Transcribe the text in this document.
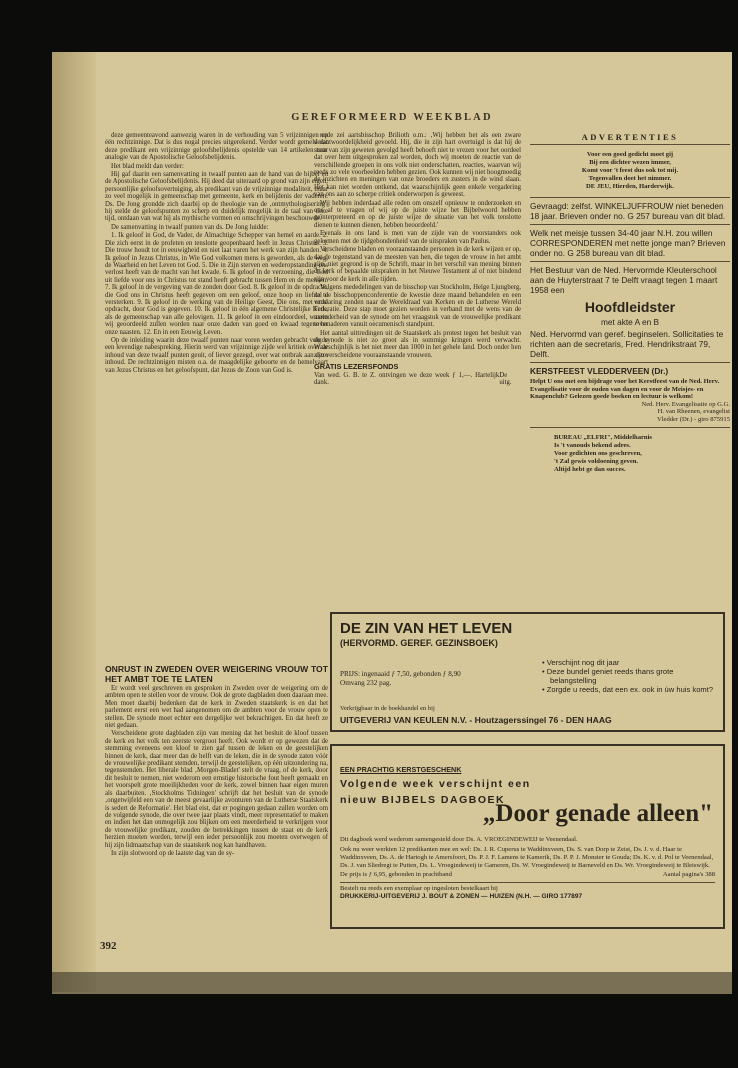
GEREFORMEERD WEEKBLAD

deze gemeenteavond aanwezig waren in de verhouding van 5 vrijzinnigen op één rechtzinnige. Dat is dus nogal precies uitgerekend. Verder wordt gemeld dat deze predikant een vrijzinnige geloofsbelijdenis opstelde van 14 artikelen naar analogie van de Apostolische Geloofsbelijdenis.

Het blad meldt dan verder:

Hij gaf daarin een samenvatting in twaalf punten aan de hand van de bijbel en de Apostolische Geloofsbelijdenis. Hij deed dat uiteraard op grond van zijn eigen, persoonlijke geloofsovertuiging, als predikant van de vrijzinnige modaliteit, maar zo veel mogelijk in gemeenschap met gemeente, kerk en belijdenis der vaderen. Ds. De Jong grondde zich daarbij op de theologie van de ‚ontmythologisering'; hij stelde de geloofspunten zo scherp en duidelijk mogelijk in de taal van deze tijd, ontdaan van wat hij als mythische vormen en omschrijvingen beschouwde.

De samenvatting in twaalf punten van ds. De Jong luidde:

1. Ik geloof in God, de Vader, de Almachtige Schepper van hemel en aarde. 2. Die zich eerst in de profeten en tenslotte geopenbaard heeft in Jezus Christus. 3. Die trouw houdt tot in eeuwigheid en niet laat varen het werk van zijn handen. 4. Ik geloof in Jezus Christus, in Wie God volkomen mens is geworden, als de weg, de Waarheid en het Leven tot God. 5. Die in Zijn sterven en wederopstanding ons verlost heeft van de macht van het kwade. 6. Ik geloof in de verzoening, die God uit liefde voor ons in Christus tot stand heeft gebracht tussen Hem en de mensen. 7. Ik geloof in de vergeving van de zonden door God. 8. Ik geloof in de opdracht, die God ons in Christus heeft gegeven om een geloof, onze hoop en liefde te versterken. 9. Ik geloof in de werking van de Heilige Geest, Die ons, met onze opdracht, door God is gegeven. 10. Ik geloof in één algemene Christelijke Kerk, als de gemeenschap van alle gelovigen. 11. Ik geloof in een eindoordeel, waarin wij geoordeeld zullen worden naar onze daden van goed en kwaad tegenover onze naasten. 12. En in een Eeuwig Leven.

Op de inleiding waarin deze twaalf punten naar voren werden gebracht volgde een levendige nabespreking. Hierin werd van vrijzinnige zijde wel kritiek over de inhoud van deze twaalf punten geuit, of liever gezegd, over wat ontbrak aan deze inhoud. De rechtzinnigen misten o.a. de maagdelijke geboorte en de hemelvaart van Jezus Christus en het geloofspunt, dat Jezus de Zoon van God is.

ONRUST IN ZWEDEN OVER WEIGERING VROUW TOT HET AMBT TOE TE LATEN

Er wordt veel geschreven en gesproken in Zweden over de weigering om de ambten open te stellen voor de vrouw. Ook de grote dagbladen doen daaraan mee. Men moet daarbij bedenken dat de kerk in Zweden staatskerk is en dat het parlement eerst een wet had aangenomen om de ambten voor de vrouw open te stellen. De synode moet echter een dergelijke wet bekrachtigen. En dat heeft ze niet gedaan.

Verscheidene grote dagbladen zijn van mening dat het besluit de kloof tussen de kerk en het volk ten zeerste vergroot heeft. Ook wordt er op gewezen dat de stemming eveneens een kloof te zien gaf tussen de leken en de geestelijken binnen de kerk, daar meer dan de helft van de leken, die in de synode zaten vóór de vrouwelijke predikant stemden, terwijl de geestelijken, op één uitzondering na, tegenstemden. Het liberale blad ‚Morgen-Bladet' stelt de vraag, of de kerk, door dit besluit te nemen, niet wederom een ernstige historische fout heeft gemaakt en het voorspelt grote moeilijkheden voor de kerk, zowel binnen haar eigen muren als daarbuiten. ‚Stockholms Tidningen' schrijft dat het besluit van de synode ‚ongetwijfeld een van de meest gevaarlijke avonturen van de Lutherse Staatskerk is sedert de Reformatie'. Het blad eist, dat er pogingen gedaan zullen worden om de volgende synode, die over twee jaar plaats vindt, meer representatief te maken en indien het dan onmogelijk zou blijken om een meerderheid te verkrijgen voor de vrouwelijke predikant, zouden de betrekkingen tussen de staat en de kerk herzien moeten worden, terwijl een ieder persoonlijk zou moeten overwegen of hij zijn lidmaatschap van de staatskerk nog kan handhaven.

In zijn slotwoord op de laatste dag van de sy-

node zei aartsbisschop Brilioth o.m.: ‚Wij hebben het als een zware verantwoordelijkheid gevoeld. Hij, die in zijn hart overtuigd is dat hij de stem van zijn geweten gevolgd heeft behoeft niet te vrezen voor het oordeel dat over hem uitgesproken zal worden, doch wij moeten de reactie van de verschillende groepen in ons volk niet onderschatten, reacties, waarvan wij reeds zo vele voorbeelden hebben gezien. Ook kunnen wij niet hoogmoedig de inzichten en meningen van onze broeders en zusters in de wind slaan. Het kan niet worden ontkend, dat waarschijnlijk geen enkele vergadering van ons aan zo scherpe critiek onderworpen is geweest.

Wij hebben inderdaad alle reden om onszelf opnieuw te onderzoeken en ons af te vragen of wij op de juiste wijze het Bijbelwoord hebben geïnterpreteerd en op de juiste wijze de situatie van het volk tenslotte dienen te kunnen dienen, hebben beoordeeld.'

Evenals in ons land is men van de zijde van de voorstanders ook gekomen met de tijdgebondenheid van de uitspraken van Paulus.

Verscheidene bladen en vooraanstaande personen in de kerk wijzen er op, dat de tegenstand van de meesten van hen, die tegen de vrouw in het ambt zijn, niet gegrond is op de Schrift, maar in het verschil van mening binnen de kerk of bepaalde uitspraken in het Nieuwe Testament al of niet bindend zijn voor de kerk in alle tijden.

Volgens mededelingen van de bisschop van Stockholm, Helge Ljungberg, zal de bisschoppenconferentie de kwestie deze maand behandelen en een verklaring zenden naar de Wereldraad van Kerken en de Lutherse Wereld Federatie. Deze stap moet gezien worden in verband met de wens van de meerderheid van de synode om het vraagstuk van de vrouwelijke predikant te benaderen vanuit oecumenisch standpunt.

Het aantal uittredingen uit de Staatskerk als protest tegen het besluit van de synode is niet zo groot als in sommige kringen werd verwacht. Waarschijnlijk is het niet meer dan 1000 in het gehele land. Doch onder hen zijn verscheidene vooraanstaande vrouwen.

GRATIS LEZERSFONDS
Van wed. G. B. te Z. ontvingen we deze week ƒ 1,—. Hartelijk dank.
De uitg.
ADVERTENTIES
Voor een goed gedicht moet gij
Bij een dichter wezen immer,
Komt voor 't feest dus ook tot mij.
Tegenvallen doet het nimmer.
DE JEU, Hierden, Harderwijk.
Gevraagd: zelfst. WINKELJUFFROUW niet beneden 18 jaar. Brieven onder no. G 257 bureau van dit blad.
Welk net meisje tussen 34-40 jaar N.H. zou willen CORRESPONDEREN met nette jonge man? Brieven onder no. G 258 bureau van dit blad.
Het Bestuur van de Ned. Hervormde Kleuterschool aan de Huyterstraat 7 te Delft vraagt tegen 1 maart 1958 een
Hoofdleidster
met akte A en B
Ned. Hervormd van geref. beginselen. Sollicitaties te richten aan de secretaris, Fred. Hendrikstraat 79, Delft.
KERSTFEEST VLEDDERVEEN (Dr.)
Helpt U ons met een bijdrage voor het Kerstfeest van de Ned. Herv. Evangelisatie voor de ouden van dagen en voor de Meisjes- en Knapenclub? Gelezen goede boeken en lectuur is welkom!
Ned. Herv. Evangelisatie op G.G.
H. van Rheenen, evangelist
Vledder (Dr.) - giro 875915
BUREAU „ELFRI", Middelharnis
Is 't vanouds bekend adres.
Voor gedichten ons geschreven,
't Zal gewis voldoening geven.
Altijd hebt ge dan succes.
DE ZIN VAN HET LEVEN
(HERVORMD. GEREF. GEZINSBOEK)
PRIJS: ingenaaid ƒ 7,50, gebonden ƒ 8,90
Omvang 232 pag.
• Verschijnt nog dit jaar
• Deze bundel geniet reeds thans grote belangstelling
• Zorgde u reeds, dat een ex. ook in úw huis komt?
Verkrijgbaar in de boekhandel en bij
UITGEVERIJ VAN KEULEN N.V. - Houtzagerssingel 76 - DEN HAAG
EEN PRACHTIG KERSTGESCHENK
Volgende week verschijnt een
nieuw BIJBELS DAGBOEK
„Door genade alleen"
Dit dagboek werd wederom samengesteld door Ds. A. VROEGINDEWEIJ te Veenendaal.
Ook nu weer werkten 12 predikanten mee en wel: Ds. J. R. Cuperus te Waddinxveen, Ds. S. van Dorp te Zeist, Ds. J. v. d. Haar te Waddinxveen, Ds. A. de Hartogh te Amersfoort, Ds. P. J. F. Lamens te Kamerik, Ds. P. P. J. Monster te Gouda; Ds. K. v. d. Pol te Veenendaal, Ds. J. van Sliedregt te Putten, Ds. L. Vroegindeweij te Gameren, Ds. W. Vroegindeweij te Barneveld en Ds. Wr. Vroegindeweij te Bleiswijk.
De prijs is ƒ 6,95, gebonden in prachtband	Aantal pagina's 388
Bestelt nu reeds een exemplaar op ingesloten bestelkaart bij
DRUKKERIJ-UITGEVERIJ J. BOUT & ZONEN — HUIZEN (N.H. — GIRO 177897
392
